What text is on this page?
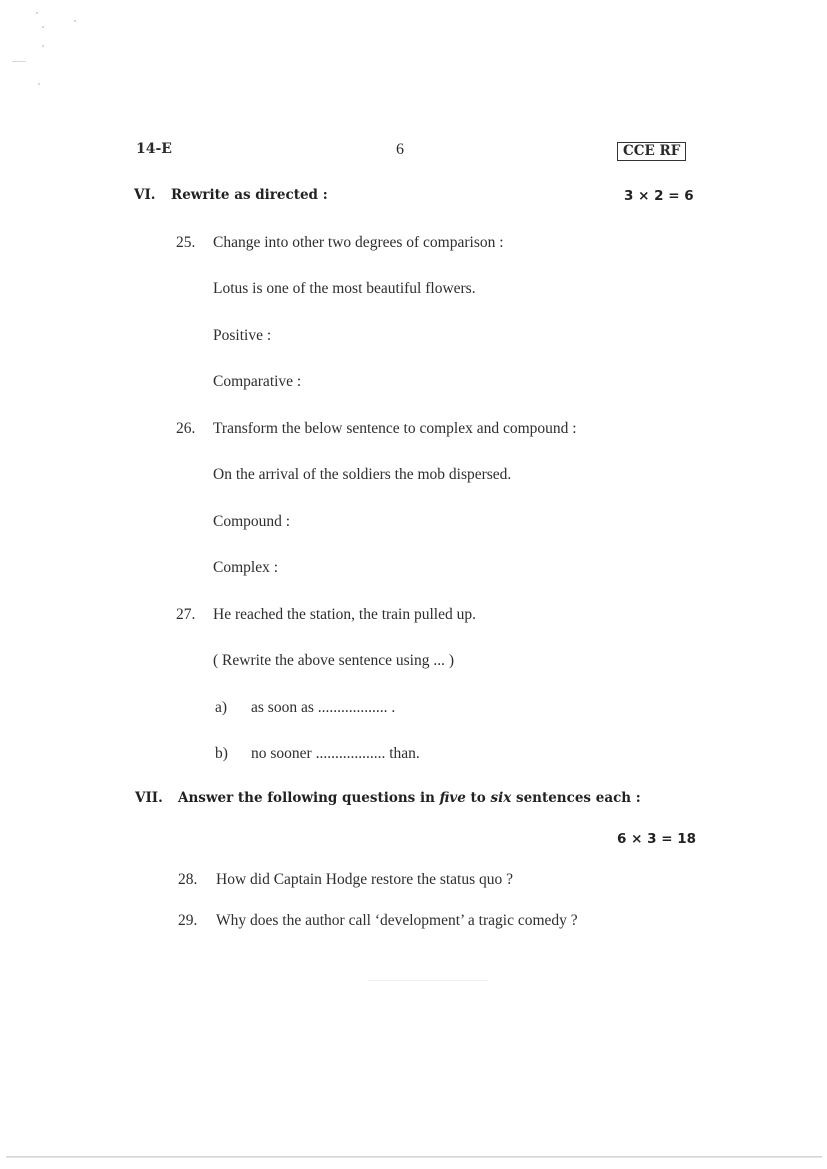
14-E	6	CCE RF
VI. Rewrite as directed :	3 × 2 = 6
25. Change into other two degrees of comparison :
Lotus is one of the most beautiful flowers.
Positive :
Comparative :
26. Transform the below sentence to complex and compound :
On the arrival of the soldiers the mob dispersed.
Compound :
Complex :
27. He reached the station, the train pulled up.
( Rewrite the above sentence using ... )
a) as soon as .................. .
b) no sooner .................. than.
VII. Answer the following questions in five to six sentences each :
6 × 3 = 18
28. How did Captain Hodge restore the status quo ?
29. Why does the author call ‘development’ a tragic comedy ?
